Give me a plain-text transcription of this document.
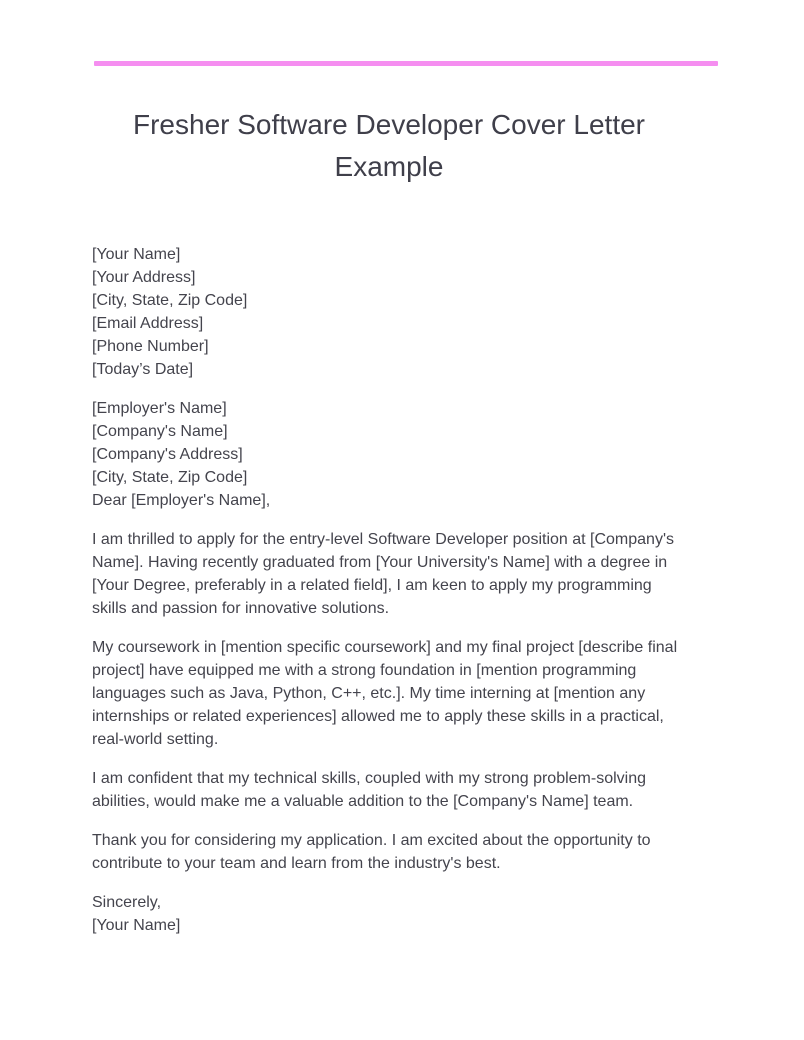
Fresher Software Developer Cover Letter
Example
[Your Name]
[Your Address]
[City, State, Zip Code]
[Email Address]
[Phone Number]
[Today’s Date]
[Employer's Name]
[Company's Name]
[Company's Address]
[City, State, Zip Code]
Dear [Employer's Name],
I am thrilled to apply for the entry-level Software Developer position at [Company's
Name]. Having recently graduated from [Your University's Name] with a degree in
[Your Degree, preferably in a related field], I am keen to apply my programming
skills and passion for innovative solutions.
My coursework in [mention specific coursework] and my final project [describe final
project] have equipped me with a strong foundation in [mention programming
languages such as Java, Python, C++, etc.]. My time interning at [mention any
internships or related experiences] allowed me to apply these skills in a practical,
real-world setting.
I am confident that my technical skills, coupled with my strong problem-solving
abilities, would make me a valuable addition to the [Company's Name] team.
Thank you for considering my application. I am excited about the opportunity to
contribute to your team and learn from the industry's best.
Sincerely,
[Your Name]
